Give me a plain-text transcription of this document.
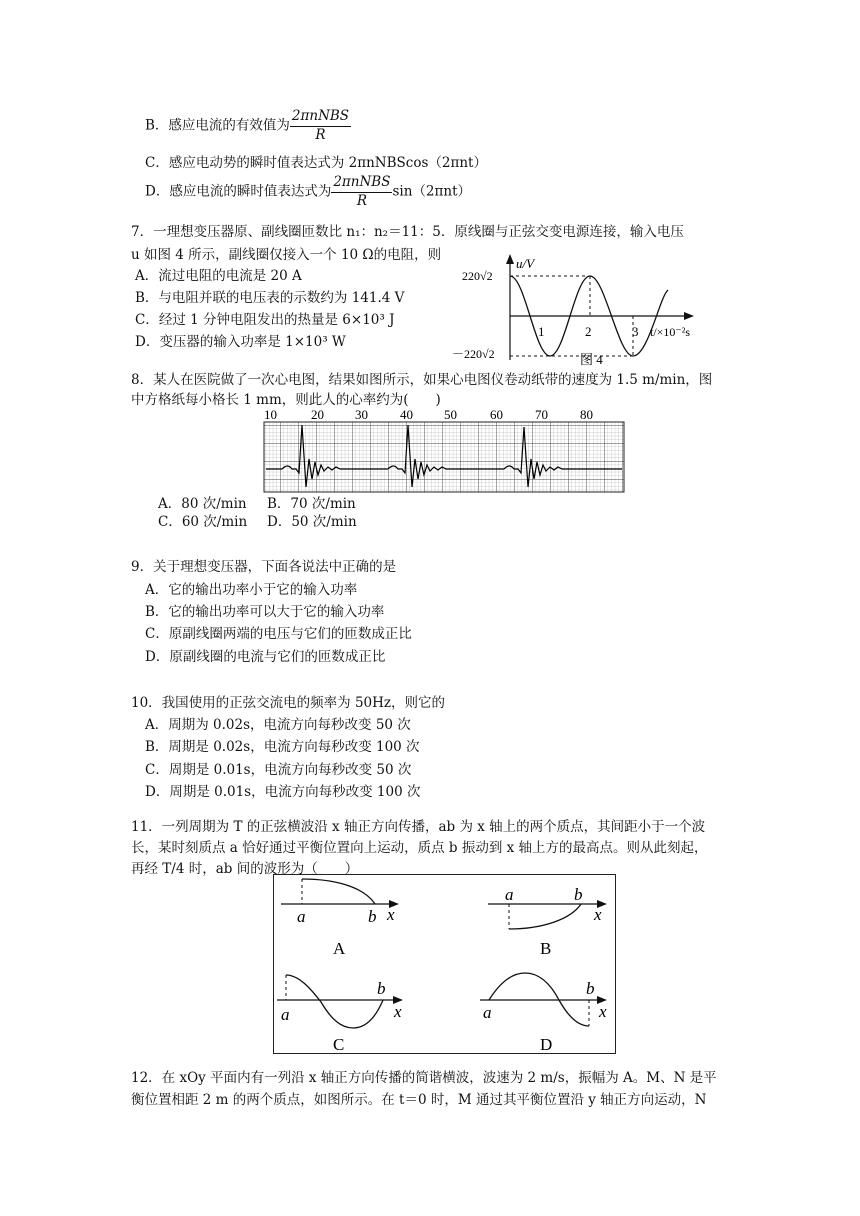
B．感应电流的有效值为 $\frac{\text{2πnNBS}}{R}$
C．感应电动势的瞬时值表达式为 2πnNBScos（2πnt）
D．感应电流的瞬时值表达式为 $\frac{\text{2πnNBS}}{R} \sin(2\pi nt)$
7．一理想变压器原、副线圈匝数比 n₁：n₂＝11：5．原线圈与正弦交变电源连接，输入电压
u 如图 4 所示，副线圈仅接入一个 10 Ω的电阻，则
A．流过电阻的电流是 20 A
B．与电阻并联的电压表的示数约为 141.4 V
C．经过 1 分钟电阻发出的热量是 6×10³ J
D．变压器的输入功率是 1×10³ W
u/V
220√2
－220√2
1	2	3 t/×10⁻²s
图 4
8．某人在医院做了一次心电图，结果如图所示，如果心电图仪卷动纸带的速度为 1.5 m/min，图
中方格纸每小格长 1 mm，则此人的心率约为(　　)
10	20 30 40 50	60 70 80
A．80 次/min B．70 次/min
C．60 次/min D．50 次/min
9．关于理想变压器，下面各说法中正确的是
A．它的输出功率小于它的输入功率
B．它的输出功率可以大于它的输入功率
C．原副线圈两端的电压与它们的匝数成正比
D．原副线圈的电流与它们的匝数成正比
10．我国使用的正弦交流电的频率为 50Hz，则它的
A．周期为 0.02s，电流方向每秒改变 50 次
B．周期是 0.02s，电流方向每秒改变 100 次
C．周期是 0.01s，电流方向每秒改变 50 次
D．周期是 0.01s，电流方向每秒改变 100 次
11．一列周期为 T 的正弦横波沿 x 轴正方向传播，ab 为 x 轴上的两个质点，其间距小于一个波
长，某时刻质点 a 恰好通过平衡位置向上运动，质点 b 振动到 x 轴上方的最高点。则从此刻起，
再经 T/4 时，ab 间的波形为（　　）
a	b x
A
a	b
x
B
a
b
x
C
a
b
x
D
12．在 xOy 平面内有一列沿 x 轴正方向传播的简谐横波，波速为 2 m/s，振幅为 A。M、N 是平
衡位置相距 2 m 的两个质点，如图所示。在 t＝0 时，M 通过其平衡位置沿 y 轴正方向运动，N
